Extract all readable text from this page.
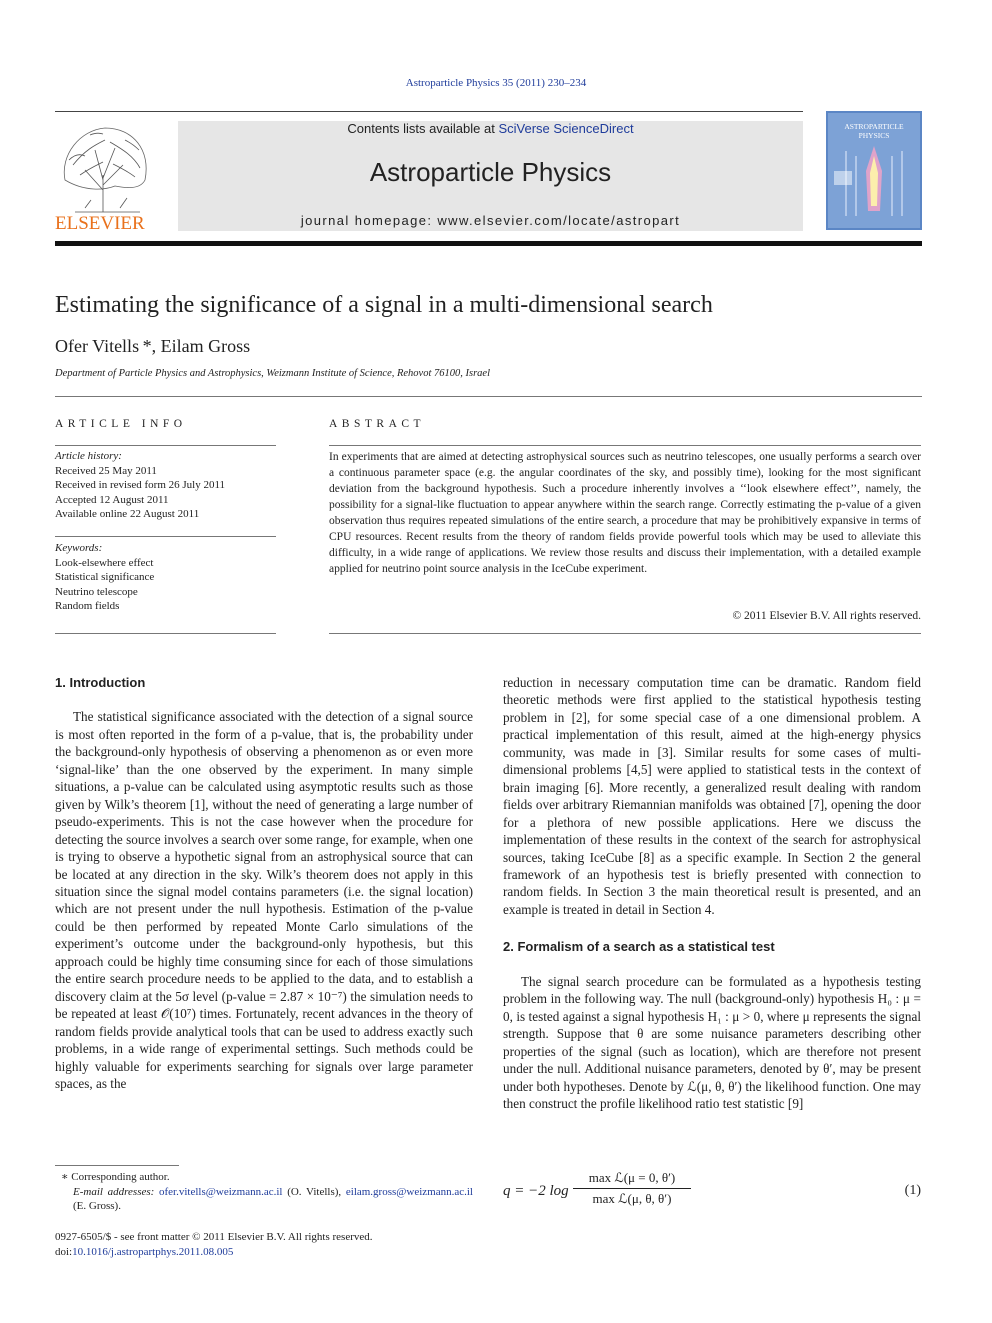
Astroparticle Physics 35 (2011) 230–234
ELSEVIER
Contents lists available at SciVerse ScienceDirect
Astroparticle Physics
journal homepage: www.elsevier.com/locate/astropart
ASTROPARTICLE
PHYSICS
Estimating the significance of a signal in a multi-dimensional search
Ofer Vitells *, Eilam Gross
Department of Particle Physics and Astrophysics, Weizmann Institute of Science, Rehovot 76100, Israel
ARTICLE INFO	ABSTRACT
Article history:
Received 25 May 2011
Received in revised form 26 July 2011
Accepted 12 August 2011
Available online 22 August 2011
Keywords:
Look-elsewhere effect
Statistical significance
Neutrino telescope
Random fields
In experiments that are aimed at detecting astrophysical sources such as neutrino telescopes, one usually performs a search over a continuous parameter space (e.g. the angular coordinates of the sky, and possibly time), looking for the most significant deviation from the background hypothesis. Such a procedure inherently involves a ‘‘look elsewhere effect’’, namely, the possibility for a signal-like fluctuation to appear anywhere within the search range. Correctly estimating the p-value of a given observation thus requires repeated simulations of the entire search, a procedure that may be prohibitively expansive in terms of CPU resources. Recent results from the theory of random fields provide powerful tools which may be used to alleviate this difficulty, in a wide range of applications. We review those results and discuss their implementation, with a detailed example applied for neutrino point source analysis in the IceCube experiment.
© 2011 Elsevier B.V. All rights reserved.
1. Introduction

The statistical significance associated with the detection of a signal source is most often reported in the form of a p-value, that is, the probability under the background-only hypothesis of observing a phenomenon as or even more ‘signal-like’ than the one observed by the experiment. In many simple situations, a p-value can be calculated using asymptotic results such as those given by Wilk’s theorem [1], without the need of generating a large number of pseudo-experiments. This is not the case however when the procedure for detecting the source involves a search over some range, for example, when one is trying to observe a hypothetic signal from an astrophysical source that can be located at any direction in the sky. Wilk’s theorem does not apply in this situation since the signal model contains parameters (i.e. the signal location) which are not present under the null hypothesis. Estimation of the p-value could be then performed by repeated Monte Carlo simulations of the experiment’s outcome under the background-only hypothesis, but this approach could be highly time consuming since for each of those simulations the entire search procedure needs to be applied to the data, and to establish a discovery claim at the 5σ level (p-value = 2.87 × 10⁻⁷) the simulation needs to be repeated at least 𝒪(10⁷) times. Fortunately, recent advances in the theory of random fields provide analytical tools that can be used to address exactly such problems, in a wide range of experimental settings. Such methods could be highly valuable for experiments searching for signals over large parameter spaces, as the

∗ Corresponding author.
E-mail addresses: ofer.vitells@weizmann.ac.il (O. Vitells), eilam.gross@weizmann.ac.il (E. Gross).
0927-6505/$ - see front matter © 2011 Elsevier B.V. All rights reserved.
doi:10.1016/j.astropartphys.2011.08.005
reduction in necessary computation time can be dramatic. Random field theoretic methods were first applied to the statistical hypothesis testing problem in [2], for some special case of a one dimensional problem. A practical implementation of this result, aimed at the high-energy physics community, was made in [3]. Similar results for some cases of multi-dimensional problems [4,5] were applied to statistical tests in the context of brain imaging [6]. More recently, a generalized result dealing with random fields over arbitrary Riemannian manifolds was obtained [7], opening the door for a plethora of new possible applications. Here we discuss the implementation of these results in the context of the search for astrophysical sources, taking IceCube [8] as a specific example. In Section 2 the general framework of an hypothesis test is briefly presented with connection to random fields. In Section 3 the main theoretical result is presented, and an example is treated in detail in Section 4.
2. Formalism of a search as a statistical test

The signal search procedure can be formulated as a hypothesis testing problem in the following way. The null (background-only) hypothesis H₀ : μ = 0, is tested against a signal hypothesis H₁ : μ > 0, where μ represents the signal strength. Suppose that θ are some nuisance parameters describing other properties of the signal (such as location), which are therefore not present under the null. Additional nuisance parameters, denoted by θ′, may be present under both hypotheses. Denote by ℒ(μ, θ, θ′) the likelihood function. One may then construct the profile likelihood ratio test statistic [9]

q = −2 log
max ℒ(μ = 0, θ′)
max ℒ(μ, θ, θ′)
(1)
